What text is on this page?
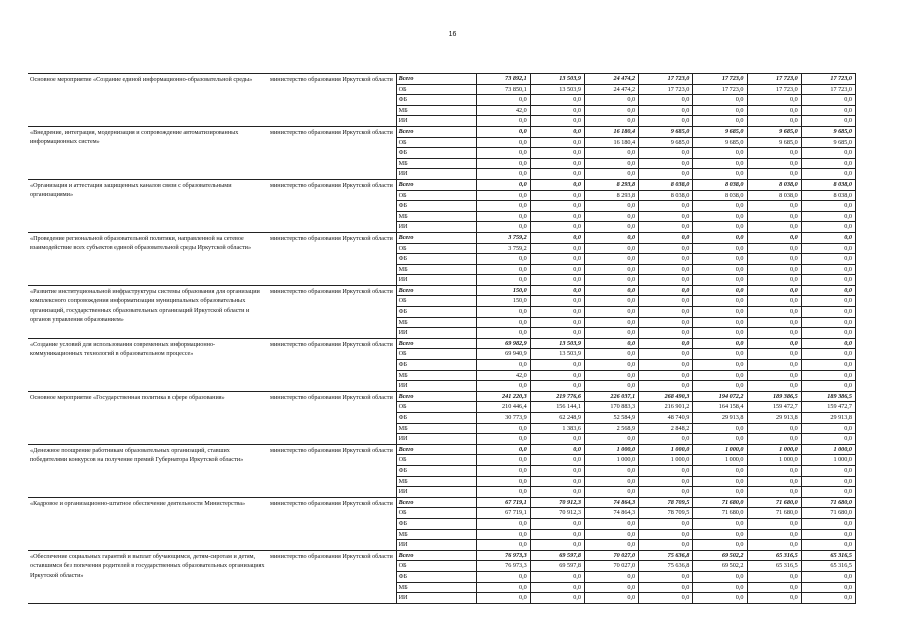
16
Основное мероприятие «Создание единой информационно-образовательной среды»	министерство образования Иркутской области	Всего	73 892,1	13 503,9	24 474,2	17 723,0	17 723,0	17 723,0	17 723,0
		ОБ	73 850,1	13 503,9	24 474,2	17 723,0	17 723,0	17 723,0	17 723,0
		ФБ	0,0	0,0	0,0	0,0	0,0	0,0	0,0
		МБ	42,0	0,0	0,0	0,0	0,0	0,0	0,0
		ИИ	0,0	0,0	0,0	0,0	0,0	0,0	0,0
«Внедрение, интеграция, модернизация и сопровождение автоматизированных информационных систем»	министерство образования Иркутской области	Всего	0,0	0,0	16 180,4	9 685,0	9 685,0	9 685,0	9 685,0
		ОБ	0,0	0,0	16 180,4	9 685,0	9 685,0	9 685,0	9 685,0
		ФБ	0,0	0,0	0,0	0,0	0,0	0,0	0,0
		МБ	0,0	0,0	0,0	0,0	0,0	0,0	0,0
		ИИ	0,0	0,0	0,0	0,0	0,0	0,0	0,0
«Организация и аттестация защищенных каналов связи с образовательными организациями»	министерство образования Иркутской области	Всего	0,0	0,0	8 293,8	8 038,0	8 038,0	8 038,0	8 038,0
		ОБ	0,0	0,0	8 293,8	8 038,0	8 038,0	8 038,0	8 038,0
		ФБ	0,0	0,0	0,0	0,0	0,0	0,0	0,0
		МБ	0,0	0,0	0,0	0,0	0,0	0,0	0,0
		ИИ	0,0	0,0	0,0	0,0	0,0	0,0	0,0
«Проведение региональной образовательной политики, направленной на сетевое взаимодействие всех субъектов единой образовательной среды Иркутской области»	министерство образования Иркутской области	Всего	3 759,2	0,0	0,0	0,0	0,0	0,0	0,0
		ОБ	3 759,2	0,0	0,0	0,0	0,0	0,0	0,0
		ФБ	0,0	0,0	0,0	0,0	0,0	0,0	0,0
		МБ	0,0	0,0	0,0	0,0	0,0	0,0	0,0
		ИИ	0,0	0,0	0,0	0,0	0,0	0,0	0,0
«Развитие институциональной инфраструктуры системы образования для организации комплексного сопровождения информатизации муниципальных образовательных организаций, государственных образовательных организаций Иркутской области и органов управления образованием»	министерство образования Иркутской области	Всего	150,0	0,0	0,0	0,0	0,0	0,0	0,0
		ОБ	150,0	0,0	0,0	0,0	0,0	0,0	0,0
		ФБ	0,0	0,0	0,0	0,0	0,0	0,0	0,0
		МБ	0,0	0,0	0,0	0,0	0,0	0,0	0,0
		ИИ	0,0	0,0	0,0	0,0	0,0	0,0	0,0
«Создание условий для использования современных информационно-коммуникационных технологий в образовательном процессе»	министерство образования Иркутской области	Всего	69 982,9	13 503,9	0,0	0,0	0,0	0,0	0,0
		ОБ	69 940,9	13 503,9	0,0	0,0	0,0	0,0	0,0
		ФБ	0,0	0,0	0,0	0,0	0,0	0,0	0,0
		МБ	42,0	0,0	0,0	0,0	0,0	0,0	0,0
		ИИ	0,0	0,0	0,0	0,0	0,0	0,0	0,0
Основное мероприятие «Государственная политика в сфере образования»	министерство образования Иркутской области	Всего	241 220,3	219 776,6	226 037,1	268 490,3	194 072,2	189 386,5	189 386,5
		ОБ	210 446,4	156 144,1	170 883,3	216 901,2	164 158,4	159 472,7	159 472,7
		ФБ	30 773,9	62 248,9	52 584,9	48 740,9	29 913,8	29 913,8	29 913,8
		МБ	0,0	1 383,6	2 568,9	2 848,2	0,0	0,0	0,0
		ИИ	0,0	0,0	0,0	0,0	0,0	0,0	0,0
«Денежное поощрение работникам образовательных организаций, ставших победителями конкурсов на получение премий Губернатора Иркутской области»	министерство образования Иркутской области	Всего	0,0	0,0	1 000,0	1 000,0	1 000,0	1 000,0	1 000,0
		ОБ	0,0	0,0	1 000,0	1 000,0	1 000,0	1 000,0	1 000,0
		ФБ	0,0	0,0	0,0	0,0	0,0	0,0	0,0
		МБ	0,0	0,0	0,0	0,0	0,0	0,0	0,0
		ИИ	0,0	0,0	0,0	0,0	0,0	0,0	0,0
«Кадровое и организационно-штатное обеспечение деятельности Министерства»	министерство образования Иркутской области	Всего	67 719,1	70 912,3	74 864,3	78 709,5	71 680,0	71 680,0	71 680,0
		ОБ	67 719,1	70 912,3	74 864,3	78 709,5	71 680,0	71 680,0	71 680,0
		ФБ	0,0	0,0	0,0	0,0	0,0	0,0	0,0
		МБ	0,0	0,0	0,0	0,0	0,0	0,0	0,0
		ИИ	0,0	0,0	0,0	0,0	0,0	0,0	0,0
«Обеспечение социальных гарантий и выплат обучающимся, детям-сиротам и детям, оставшимся без попечения родителей в государственных образовательных организациях Иркутской области»	министерство образования Иркутской области	Всего	76 973,3	69 597,8	70 027,0	75 636,8	69 502,2	65 316,5	65 316,5
		ОБ	76 973,3	69 597,8	70 027,0	75 636,8	69 502,2	65 316,5	65 316,5
		ФБ	0,0	0,0	0,0	0,0	0,0	0,0	0,0
		МБ	0,0	0,0	0,0	0,0	0,0	0,0	0,0
		ИИ	0,0	0,0	0,0	0,0	0,0	0,0	0,0
